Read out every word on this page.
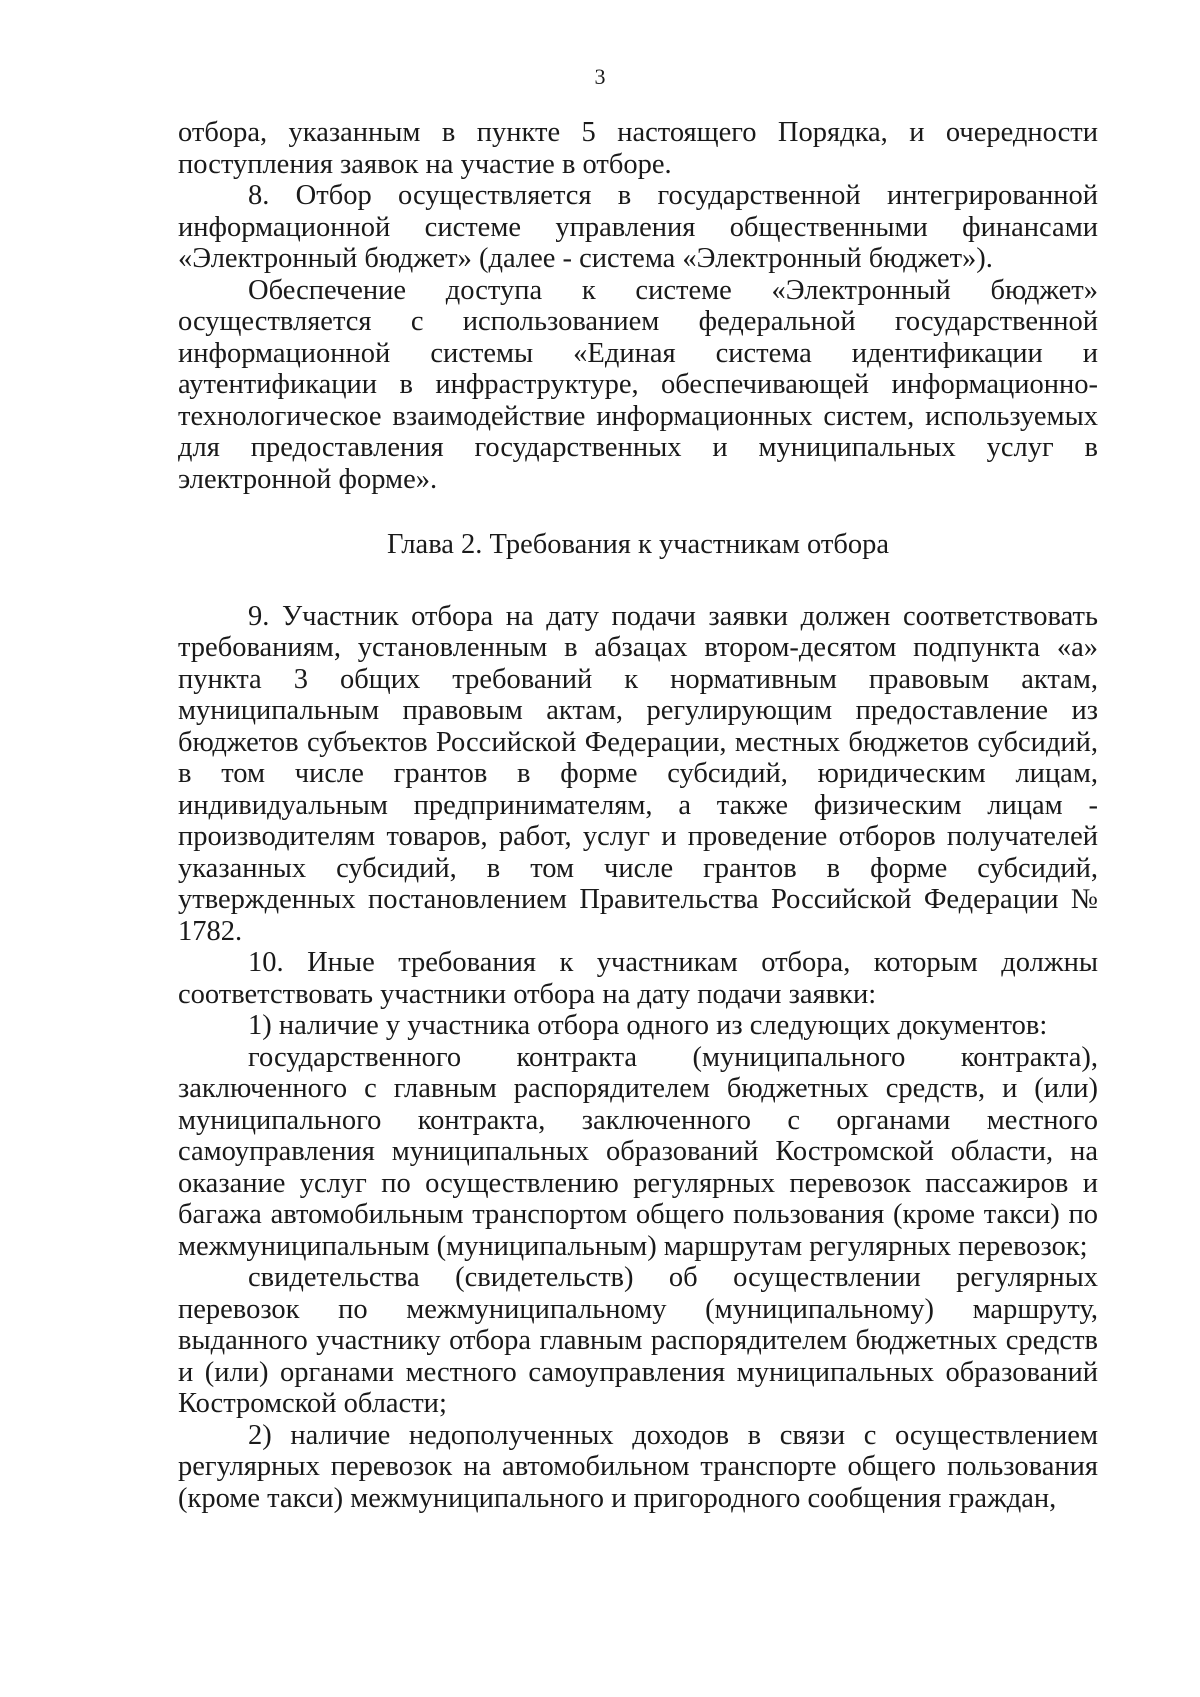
3

отбора, указанным в пункте 5 настоящего Порядка, и очередности поступления заявок на участие в отборе.

8. Отбор осуществляется в государственной интегрированной информационной системе управления общественными финансами «Электронный бюджет» (далее - система «Электронный бюджет»).

Обеспечение доступа к системе «Электронный бюджет» осуществляется с использованием федеральной государственной информационной системы «Единая система идентификации и аутентификации в инфраструктуре, обеспечивающей информационно-технологическое взаимодействие информационных систем, используемых для предоставления государственных и муниципальных услуг в электронной форме».

Глава 2. Требования к участникам отбора

9. Участник отбора на дату подачи заявки должен соответствовать требованиям, установленным в абзацах втором-десятом подпункта «а» пункта 3 общих требований к нормативным правовым актам, муниципальным правовым актам, регулирующим предоставление из бюджетов субъектов Российской Федерации, местных бюджетов субсидий, в том числе грантов в форме субсидий, юридическим лицам, индивидуальным предпринимателям, а также физическим лицам - производителям товаров, работ, услуг и проведение отборов получателей указанных субсидий, в том числе грантов в форме субсидий, утвержденных постановлением Правительства Российской Федерации № 1782.

10. Иные требования к участникам отбора, которым должны соответствовать участники отбора на дату подачи заявки:

1) наличие у участника отбора одного из следующих документов:

государственного контракта (муниципального контракта), заключенного с главным распорядителем бюджетных средств, и (или) муниципального контракта, заключенного с органами местного самоуправления муниципальных образований Костромской области, на оказание услуг по осуществлению регулярных перевозок пассажиров и багажа автомобильным транспортом общего пользования (кроме такси) по межмуниципальным (муниципальным) маршрутам регулярных перевозок;

свидетельства (свидетельств) об осуществлении регулярных перевозок по межмуниципальному (муниципальному) маршруту, выданного участнику отбора главным распорядителем бюджетных средств и (или) органами местного самоуправления муниципальных образований Костромской области;

2) наличие недополученных доходов в связи с осуществлением регулярных перевозок на автомобильном транспорте общего пользования (кроме такси) межмуниципального и пригородного сообщения граждан,
